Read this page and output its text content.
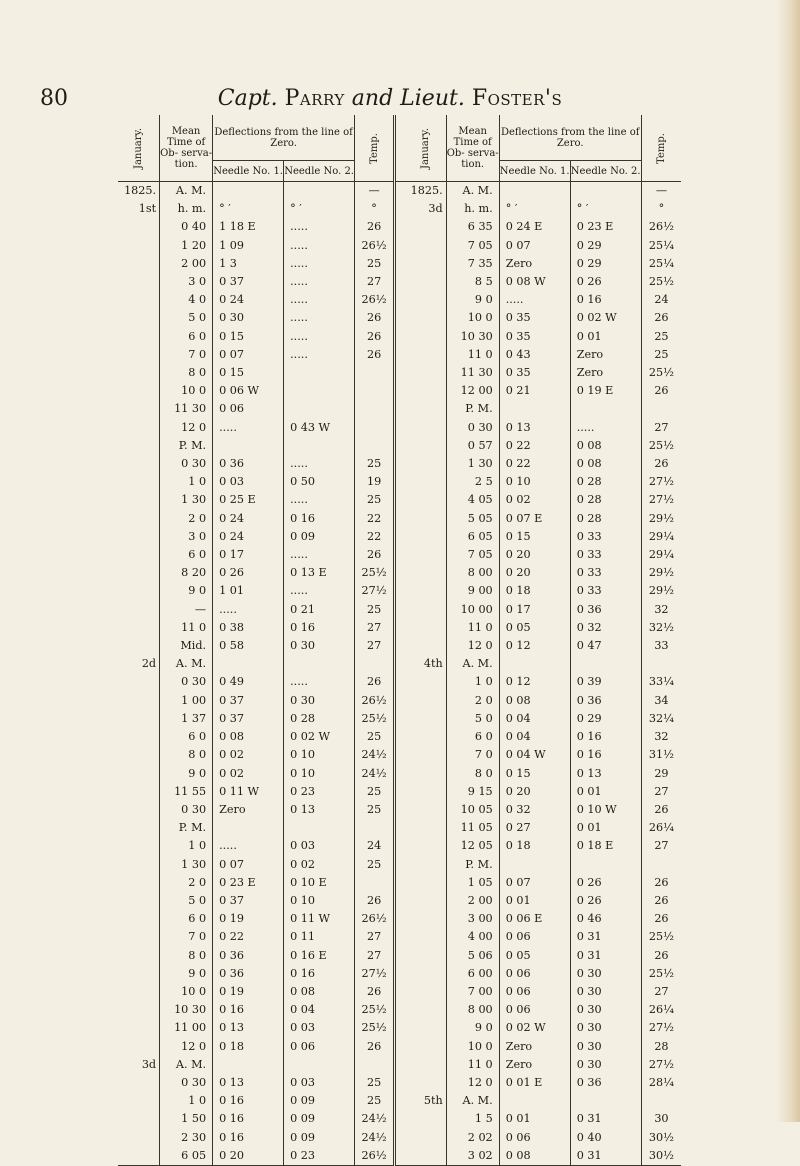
80	Capt. Parry and Lieut. Foster's
January.	Mean Time of Ob- serva- tion.	Deflections from the line of Zero.		Temp.		January.	Mean Time of Ob- serva- tion.	Deflections from the line of Zero.		Temp.
		Needle No. 1.	Needle No. 2.					Needle No. 1.	Needle No. 2.	
1825.	A. M.			—		1825.	A. M.			—
1st	h. m.	° ′	° ′	°		3d	h. m.	° ′	° ′	°
	0 40	1 18 E	.....	26			6 35	0 24 E	0 23 E	26½
	1 20	1 09	.....	26½			7 05	0 07	0 29	25¼
	2 00	1 3	.....	25			7 35	Zero	0 29	25¼
	3 0	0 37	.....	27			8 5	0 08 W	0 26	25½
	4 0	0 24	.....	26½			9 0	.....	0 16	24
	5 0	0 30	.....	26			10 0	0 35	0 02 W	26
	6 0	0 15	.....	26			10 30	0 35	0 01	25
	7 0	0 07	.....	26			11 0	0 43	Zero	25
	8 0	0 15					11 30	0 35	Zero	25½
	10 0	0 06 W					12 00	0 21	0 19 E	26
	11 30	0 06					P. M.			
	12 0	.....	0 43 W				0 30	0 13	.....	27
	P. M.						0 57	0 22	0 08	25½
	0 30	0 36	.....	25			1 30	0 22	0 08	26
	1 0	0 03	0 50	19			2 5	0 10	0 28	27½
	1 30	0 25 E	.....	25			4 05	0 02	0 28	27½
	2 0	0 24	0 16	22			5 05	0 07 E	0 28	29½
	3 0	0 24	0 09	22			6 05	0 15	0 33	29¼
	6 0	0 17	.....	26			7 05	0 20	0 33	29¼
	8 20	0 26	0 13 E	25½			8 00	0 20	0 33	29½
	9 0	1 01	.....	27½			9 00	0 18	0 33	29½
	—	.....	0 21	25			10 00	0 17	0 36	32
	11 0	0 38	0 16	27			11 0	0 05	0 32	32½
	Mid.	0 58	0 30	27			12 0	0 12	0 47	33
2d	A. M.					4th	A. M.			
	0 30	0 49	.....	26			1 0	0 12	0 39	33¼
	1 00	0 37	0 30	26½			2 0	0 08	0 36	34
	1 37	0 37	0 28	25½			5 0	0 04	0 29	32¼
	6 0	0 08	0 02 W	25			6 0	0 04	0 16	32
	8 0	0 02	0 10	24½			7 0	0 04 W	0 16	31½
	9 0	0 02	0 10	24½			8 0	0 15	0 13	29
	11 55	0 11 W	0 23	25			9 15	0 20	0 01	27
	0 30	Zero	0 13	25			10 05	0 32	0 10 W	26
	P. M.						11 05	0 27	0 01	26¼
	1 0	.....	0 03	24			12 05	0 18	0 18 E	27
	1 30	0 07	0 02	25			P. M.			
	2 0	0 23 E	0 10 E				1 05	0 07	0 26	26
	5 0	0 37	0 10	26			2 00	0 01	0 26	26
	6 0	0 19	0 11 W	26½			3 00	0 06 E	0 46	26
	7 0	0 22	0 11	27			4 00	0 06	0 31	25½
	8 0	0 36	0 16 E	27			5 06	0 05	0 31	26
	9 0	0 36	0 16	27½			6 00	0 06	0 30	25½
	10 0	0 19	0 08	26			7 00	0 06	0 30	27
	10 30	0 16	0 04	25½			8 00	0 06	0 30	26¼
	11 00	0 13	0 03	25½			9 0	0 02 W	0 30	27½
	12 0	0 18	0 06	26			10 0	Zero	0 30	28
3d	A. M.						11 0	Zero	0 30	27½
	0 30	0 13	0 03	25			12 0	0 01 E	0 36	28¼
	1 0	0 16	0 09	25		5th	A. M.			
	1 50	0 16	0 09	24½			1 5	0 01	0 31	30
	2 30	0 16	0 09	24½			2 02	0 06	0 40	30½
	6 05	0 20	0 23	26½			3 02	0 08	0 31	30½
